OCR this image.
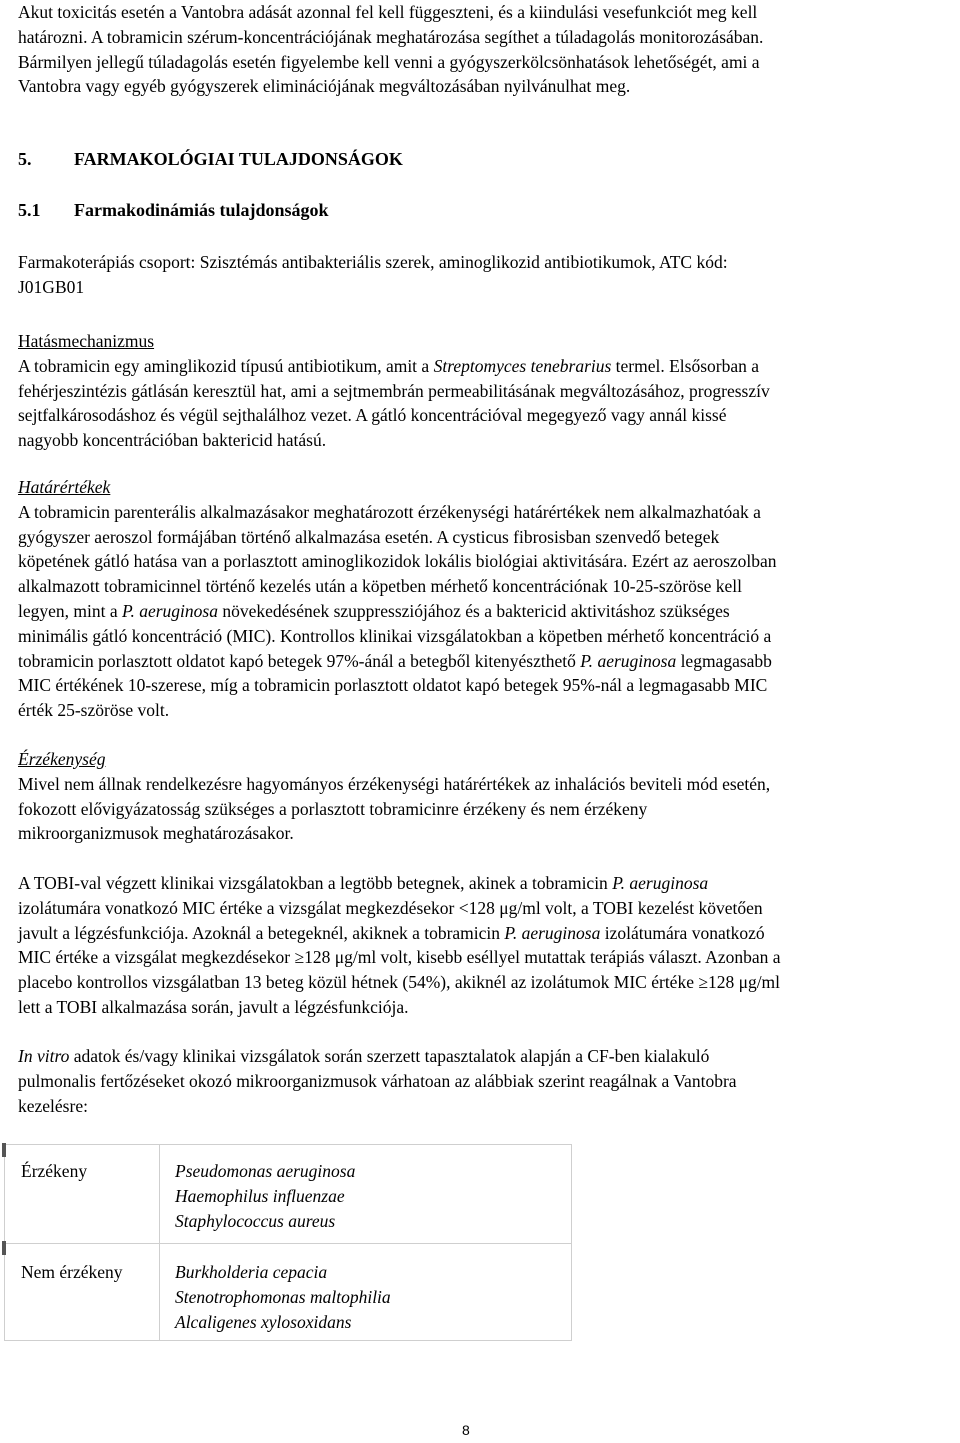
Akut toxicitás esetén a Vantobra adását azonnal fel kell függeszteni, és a kiindulási vesefunkciót meg kell

határozni. A tobramicin szérum-koncentrációjának meghatározása segíthet a túladagolás monitorozásában.

Bármilyen jellegű túladagolás esetén figyelembe kell venni a gyógyszerkölcsönhatások lehetőségét, ami a

Vantobra vagy egyéb gyógyszerek eliminációjának megváltozásában nyilvánulhat meg.

5. FARMAKOLÓGIAI TULAJDONSÁGOK
5.1 Farmakodinámiás tulajdonságok

Farmakoterápiás csoport: Szisztémás antibakteriális szerek, aminoglikozid antibiotikumok, ATC kód:

J01GB01

Hatásmechanizmus

A tobramicin egy aminglikozid típusú antibiotikum, amit a Streptomyces tenebrarius termel. Elsősorban a

fehérjeszintézis gátlásán keresztül hat, ami a sejtmembrán permeabilitásának megváltozásához, progresszív

sejtfalkárosodáshoz és végül sejthalálhoz vezet. A gátló koncentrációval megegyező vagy annál kissé

nagyobb koncentrációban baktericid hatású.

Határértékek

A tobramicin parenterális alkalmazásakor meghatározott érzékenységi határértékek nem alkalmazhatóak a

gyógyszer aeroszol formájában történő alkalmazása esetén. A cysticus fibrosisban szenvedő betegek

köpetének gátló hatása van a porlasztott aminoglikozidok lokális biológiai aktivitására. Ezért az aeroszolban

alkalmazott tobramicinnel történő kezelés után a köpetben mérhető koncentrációnak 10-25-szöröse kell

legyen, mint a P. aeruginosa növekedésének szuppressziójához és a baktericid aktivitáshoz szükséges

minimális gátló koncentráció (MIC). Kontrollos klinikai vizsgálatokban a köpetben mérhető koncentráció a

tobramicin porlasztott oldatot kapó betegek 97%-ánál a betegből kitenyészthető P. aeruginosa legmagasabb

MIC értékének 10-szerese, míg a tobramicin porlasztott oldatot kapó betegek 95%-nál a legmagasabb MIC

érték 25-szöröse volt.

Érzékenység

Mivel nem állnak rendelkezésre hagyományos érzékenységi határértékek az inhalációs beviteli mód esetén,

fokozott elővigyázatosság szükséges a porlasztott tobramicinre érzékeny és nem érzékeny

mikroorganizmusok meghatározásakor.

A TOBI-val végzett klinikai vizsgálatokban a legtöbb betegnek, akinek a tobramicin P. aeruginosa

izolátumára vonatkozó MIC értéke a vizsgálat megkezdésekor <128 μg/ml volt, a TOBI kezelést követően

javult a légzésfunkciója. Azoknál a betegeknél, akiknek a tobramicin P. aeruginosa izolátumára vonatkozó

MIC értéke a vizsgálat megkezdésekor ≥128 μg/ml volt, kisebb eséllyel mutattak terápiás választ. Azonban a

placebo kontrollos vizsgálatban 13 beteg közül hétnek (54%), akiknél az izolátumok MIC értéke ≥128 μg/ml

lett a TOBI alkalmazása során, javult a légzésfunkciója.

In vitro adatok és/vagy klinikai vizsgálatok során szerzett tapasztalatok alapján a CF-ben kialakuló

pulmonalis fertőzéseket okozó mikroorganizmusok várhatoan az alábbiak szerint reagálnak a Vantobra

kezelésre:

Érzékeny	Pseudomonas aeruginosa

Haemophilus influenzae

Staphylococcus aureus

Nem érzékeny	Burkholderia cepacia

Stenotrophomonas maltophilia

Alcaligenes xylosoxidans

8
